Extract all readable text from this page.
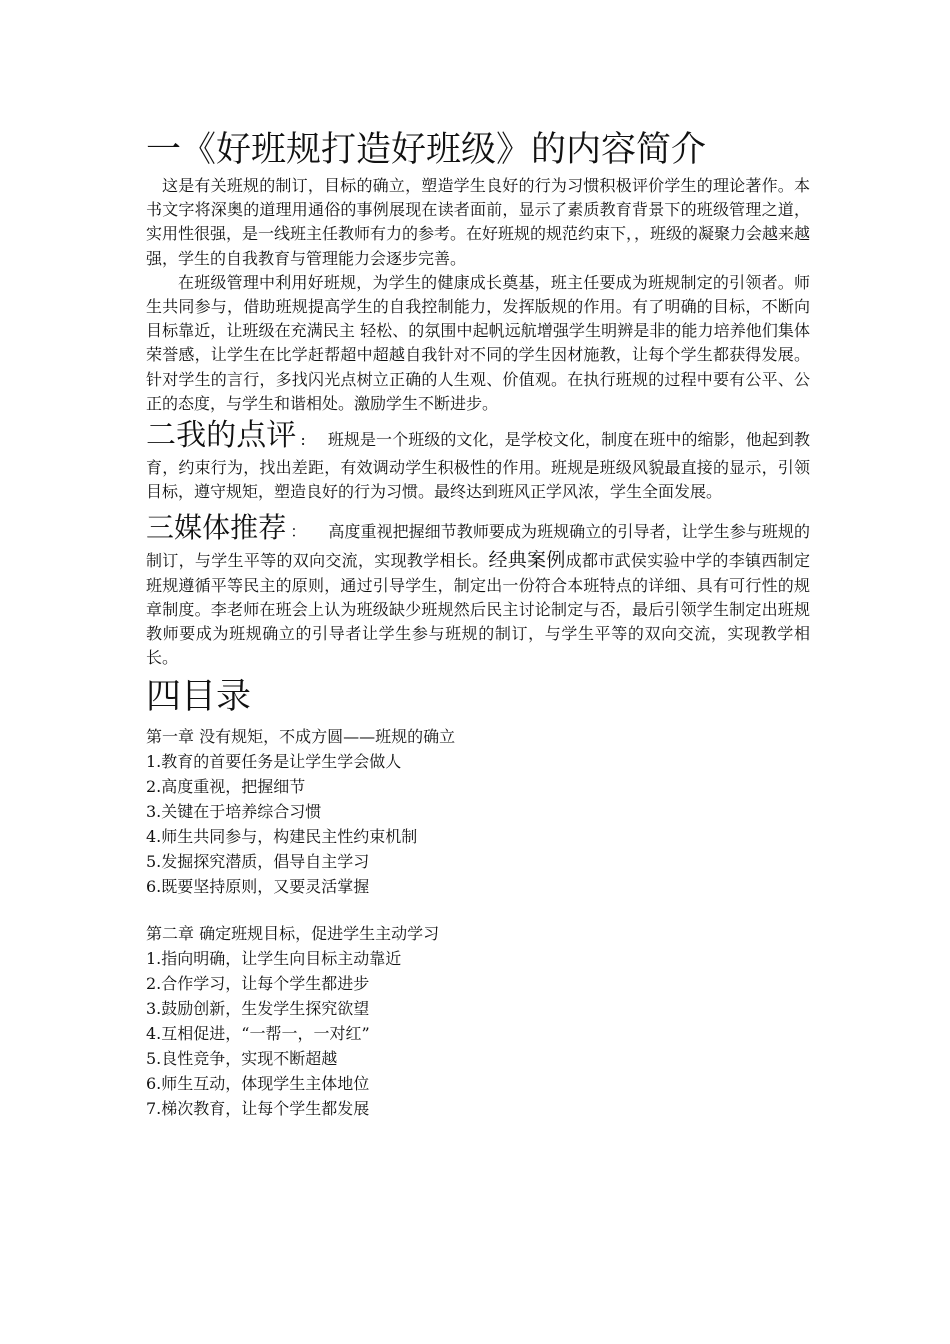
一《好班规打造好班级》的内容简介

这是有关班规的制订，目标的确立，塑造学生良好的行为习惯积极评价学生的理论著作。本书文字将深奥的道理用通俗的事例展现在读者面前，显示了素质教育背景下的班级管理之道，实用性很强，是一线班主任教师有力的参考。在好班规的规范约束下，，班级的凝聚力会越来越强，学生的自我教育与管理能力会逐步完善。

在班级管理中利用好班规，为学生的健康成长奠基，班主任要成为班规制定的引领者。师生共同参与，借助班规提高学生的自我控制能力，发挥版规的作用。有了明确的目标，不断向目标靠近，让班级在充满民主 轻松、的氛围中起帆远航增强学生明辨是非的能力培养他们集体荣誉感，让学生在比学赶帮超中超越自我针对不同的学生因材施教，让每个学生都获得发展。针对学生的言行，多找闪光点树立正确的人生观、价值观。在执行班规的过程中要有公平、公正的态度，与学生和谐相处。激励学生不断进步。

二我的点评 : 班规是一个班级的文化，是学校文化，制度在班中的缩影，他起到教育，约束行为，找出差距，有效调动学生积极性的作用。班规是班级风貌最直接的显示，引领目标，遵守规矩，塑造良好的行为习惯。最终达到班风正学风浓，学生全面发展。

三媒体推荐 ： 高度重视把握细节教师要成为班规确立的引导者，让学生参与班规的制订，与学生平等的双向交流，实现教学相长。经典案例成都市武侯实验中学的李镇西制定班规遵循平等民主的原则，通过引导学生，制定出一份符合本班特点的详细、具有可行性的规章制度。李老师在班会上认为班级缺少班规然后民主讨论制定与否，最后引领学生制定出班规教师要成为班规确立的引导者让学生参与班规的制订，与学生平等的双向交流，实现教学相长。

四目录
第一章 没有规矩，不成方圆——班规的确立
1.教育的首要任务是让学生学会做人
2.高度重视，把握细节
3.关键在于培养综合习惯
4.师生共同参与，构建民主性约束机制
5.发掘探究潜质，倡导自主学习
6.既要坚持原则，又要灵活掌握
第二章 确定班规目标，促进学生主动学习
1.指向明确，让学生向目标主动靠近
2.合作学习，让每个学生都进步
3.鼓励创新，生发学生探究欲望
4.互相促进，“一帮一，一对红”
5.良性竞争，实现不断超越
6.师生互动，体现学生主体地位
7.梯次教育，让每个学生都发展
